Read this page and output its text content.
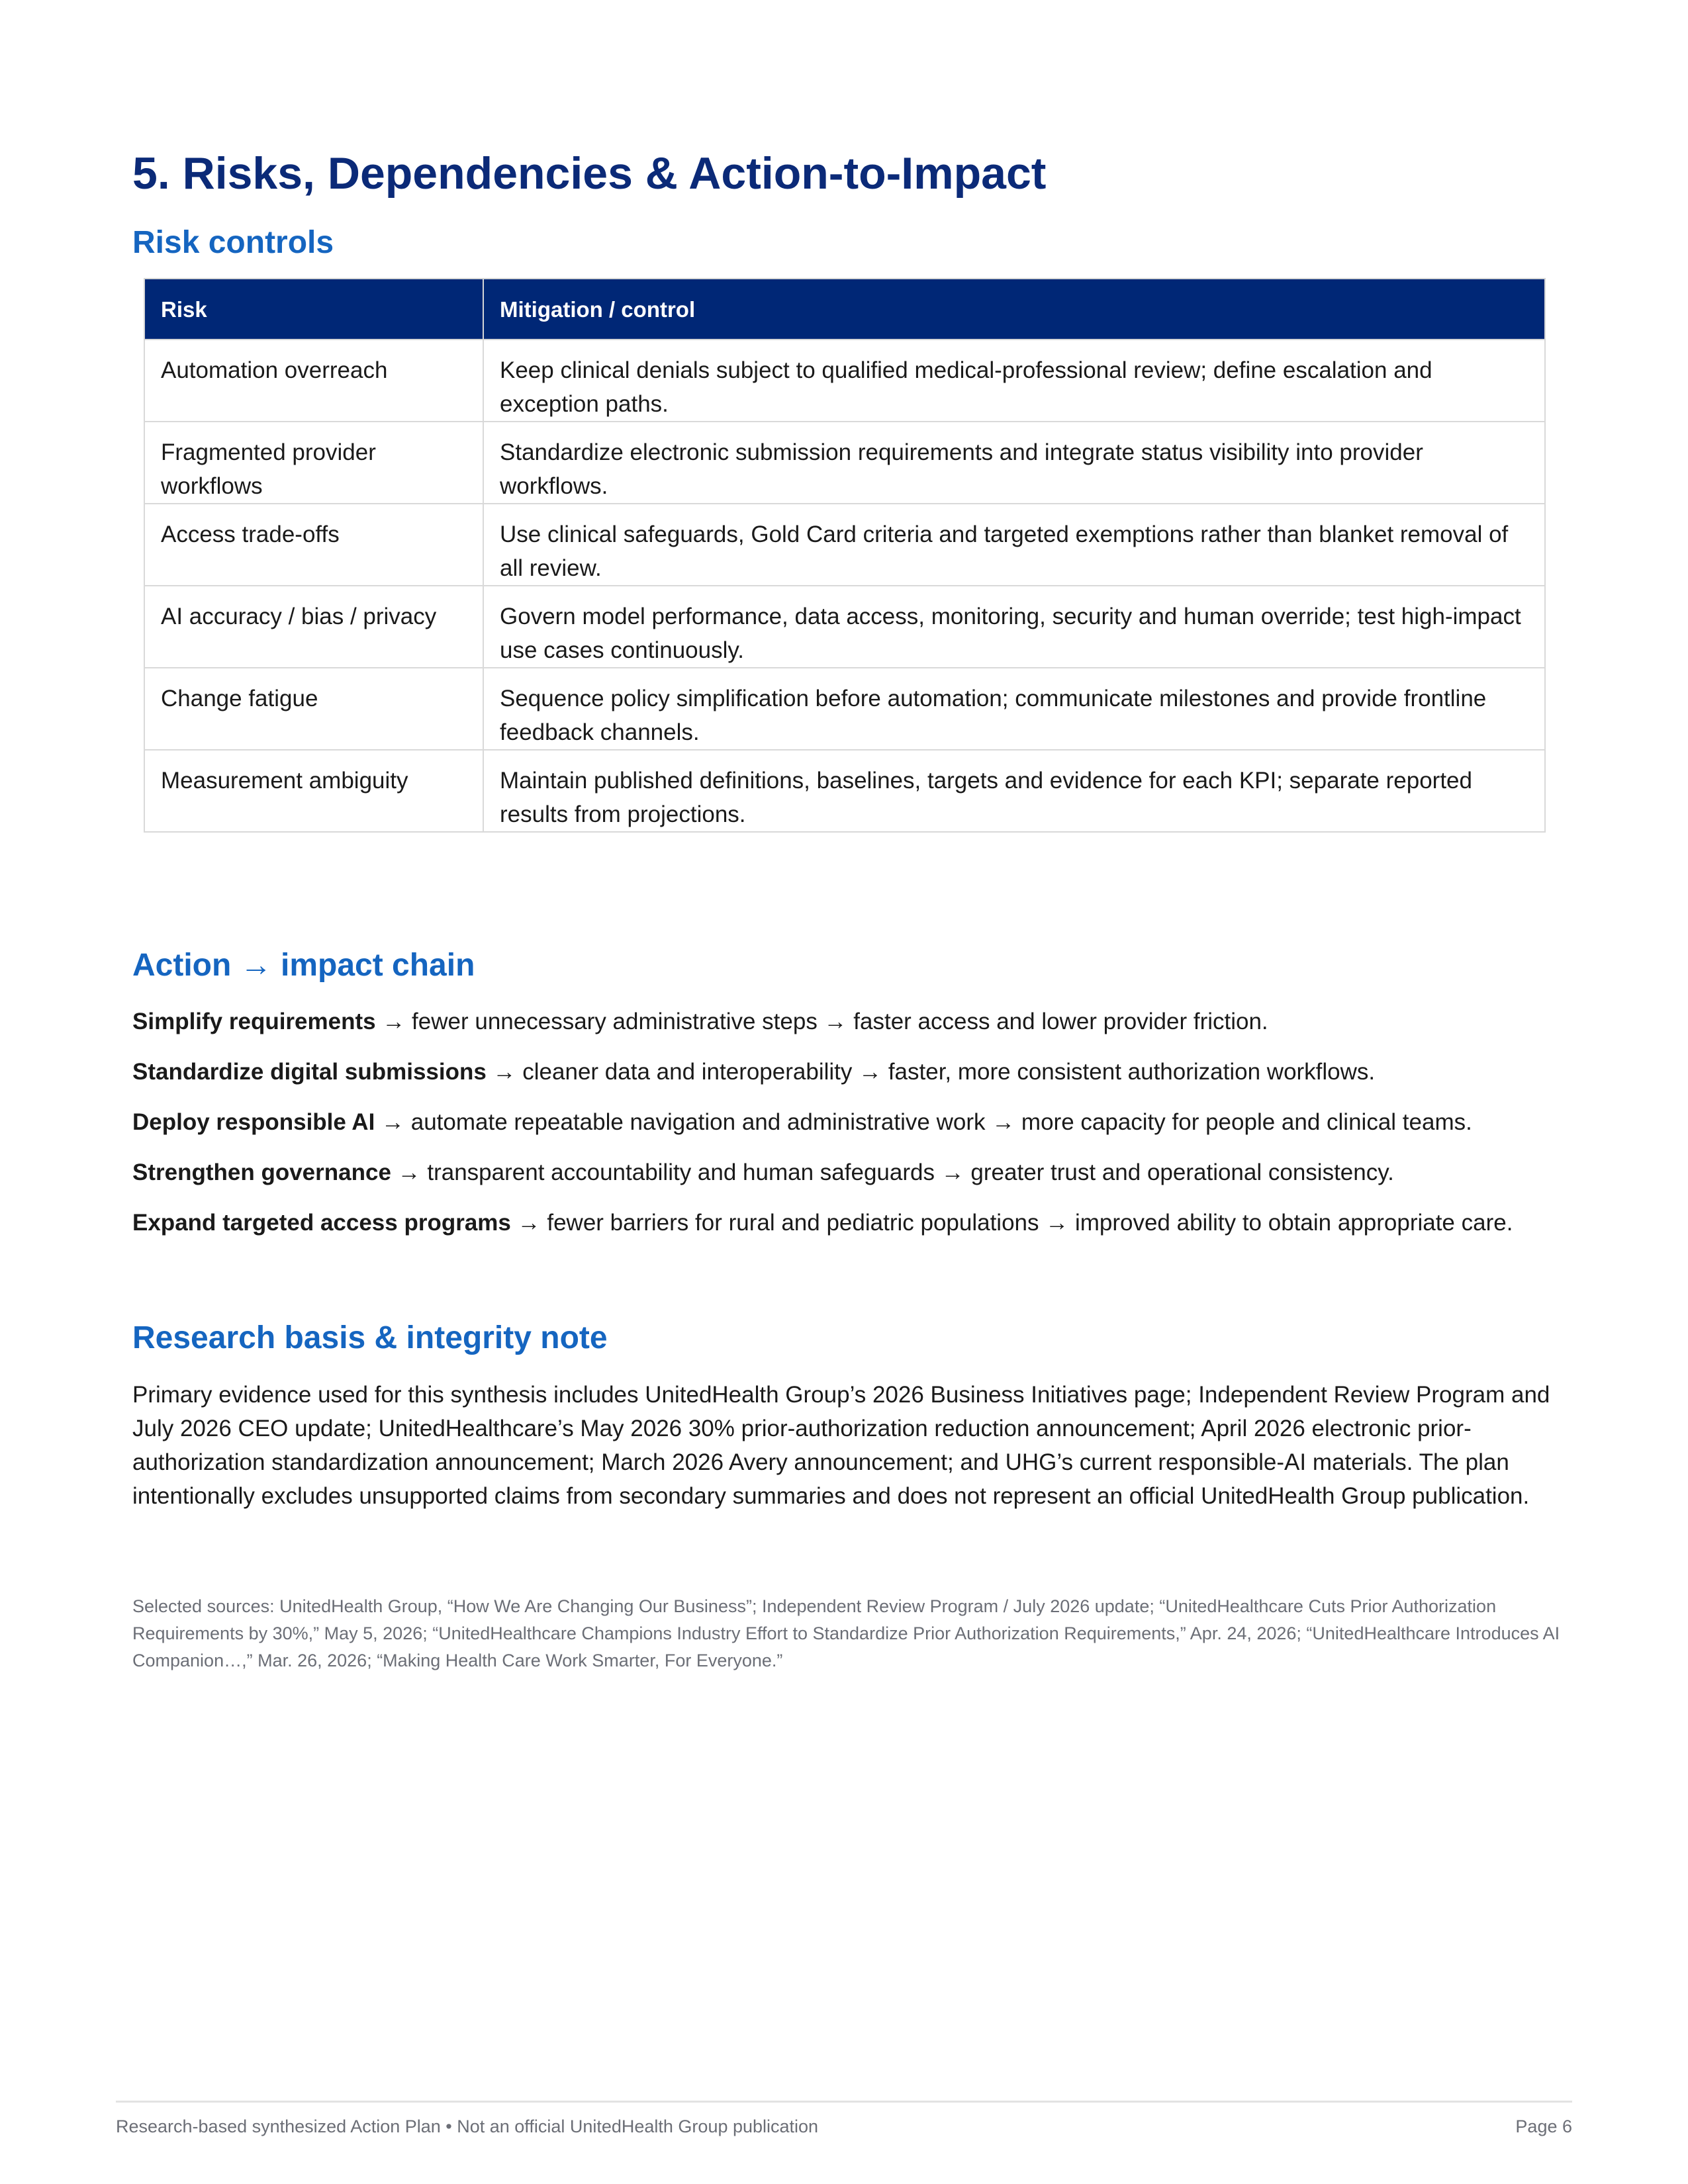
5. Risks, Dependencies & Action-to-Impact
Risk controls
Risk	Mitigation / control
Automation overreach	Keep clinical denials subject to qualified medical-professional review; define escalation and exception paths.
Fragmented provider workflows	Standardize electronic submission requirements and integrate status visibility into provider workflows.
Access trade-offs	Use clinical safeguards, Gold Card criteria and targeted exemptions rather than blanket removal of all review.
AI accuracy / bias / privacy	Govern model performance, data access, monitoring, security and human override; test high-impact use cases continuously.
Change fatigue	Sequence policy simplification before automation; communicate milestones and provide frontline feedback channels.
Measurement ambiguity	Maintain published definitions, baselines, targets and evidence for each KPI; separate reported results from projections.
Action → impact chain

Simplify requirements → fewer unnecessary administrative steps → faster access and lower provider friction.

Standardize digital submissions → cleaner data and interoperability → faster, more consistent authorization workflows.

Deploy responsible AI → automate repeatable navigation and administrative work → more capacity for people and clinical teams.

Strengthen governance → transparent accountability and human safeguards → greater trust and operational consistency.

Expand targeted access programs → fewer barriers for rural and pediatric populations → improved ability to obtain appropriate care.

Research basis & integrity note

Primary evidence used for this synthesis includes UnitedHealth Group’s 2026 Business Initiatives page; Independent Review Program and July 2026 CEO update; UnitedHealthcare’s May 2026 30% prior-authorization reduction announcement; April 2026 electronic prior-authorization standardization announcement; March 2026 Avery announcement; and UHG’s current responsible-AI materials. The plan intentionally excludes unsupported claims from secondary summaries and does not represent an official UnitedHealth Group publication.

Selected sources: UnitedHealth Group, “How We Are Changing Our Business”; Independent Review Program / July 2026 update; “UnitedHealthcare Cuts Prior Authorization Requirements by 30%,” May 5, 2026; “UnitedHealthcare Champions Industry Effort to Standardize Prior Authorization Requirements,” Apr. 24, 2026; “UnitedHealthcare Introduces AI Companion…,” Mar. 26, 2026; “Making Health Care Work Smarter, For Everyone.”

Research-based synthesized Action Plan • Not an official UnitedHealth Group publication	Page 6
